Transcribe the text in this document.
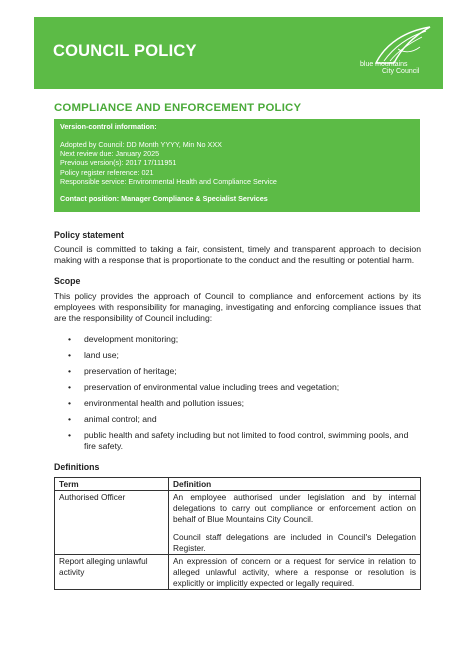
COUNCIL POLICY
blue mountains
City Council
COMPLIANCE AND ENFORCEMENT POLICY
Version-control information:
Adopted by Council: DD Month YYYY, Min No XXX
Next review due: January 2025
Previous version(s): 2017 17/111951
Policy register reference: 021
Responsible service: Environmental Health and Compliance Service
Contact position: Manager Compliance & Specialist Services
Policy statement

Council is committed to taking a fair, consistent, timely and transparent approach to decision making with a response that is proportionate to the conduct and the resulting or potential harm.

Scope

This policy provides the approach of Council to compliance and enforcement actions by its employees with responsibility for managing, investigating and enforcing compliance issues that are the responsibility of Council including:

• development monitoring;
• land use;
• preservation of heritage;
• preservation of environmental value including trees and vegetation;
• environmental health and pollution issues;
• animal control; and
• public health and safety including but not limited to food control, swimming pools, and fire safety.
Definitions
Term	Definition
Authorised Officer	An employee authorised under legislation and by internal delegations to carry out compliance or enforcement action on behalf of Blue Mountains City Council.
Council staff delegations are included in Council's Delegation Register.

Report alleging unlawful activity	An expression of concern or a request for service in relation to alleged unlawful activity, where a response or resolution is explicitly or implicitly expected or legally required.
